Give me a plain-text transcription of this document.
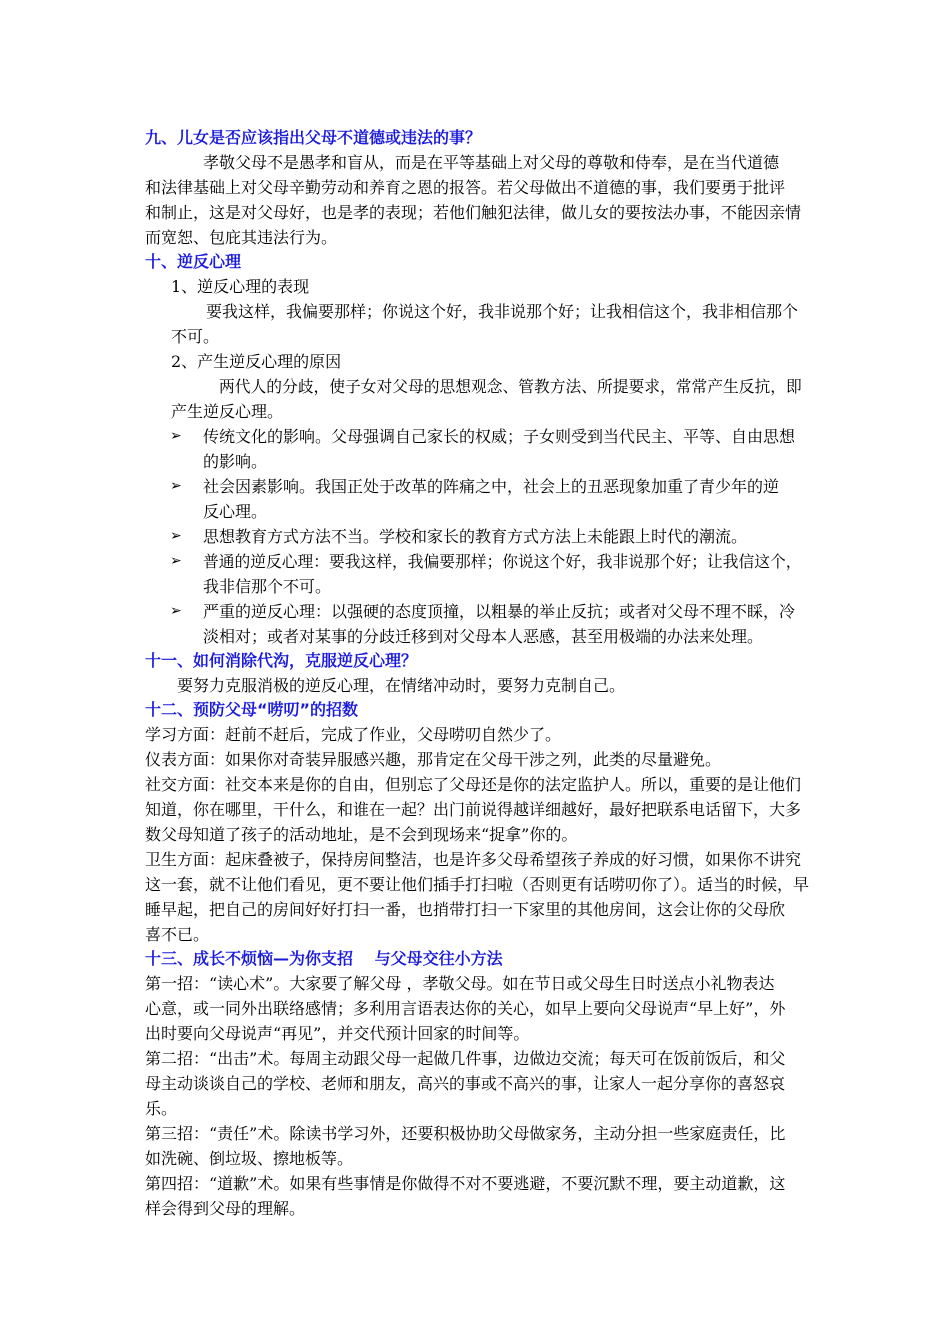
九、儿女是否应该指出父母不道德或违法的事？
孝敬父母不是愚孝和盲从，而是在平等基础上对父母的尊敬和侍奉，是在当代道德
和法律基础上对父母辛勤劳动和养育之恩的报答。若父母做出不道德的事，我们要勇于批评
和制止，这是对父母好，也是孝的表现；若他们触犯法律，做儿女的要按法办事，不能因亲情
而宽恕、包庇其违法行为。
十、逆反心理
1、逆反心理的表现
要我这样，我偏要那样；你说这个好，我非说那个好；让我相信这个，我非相信那个
不可。
2、产生逆反心理的原因
两代人的分歧，使子女对父母的思想观念、管教方法、所提要求，常常产生反抗，即
产生逆反心理。
➢	传统文化的影响。父母强调自己家长的权威；子女则受到当代民主、平等、自由思想
的影响。
➢	社会因素影响。我国正处于改革的阵痛之中，社会上的丑恶现象加重了青少年的逆
反心理。
➢	思想教育方式方法不当。学校和家长的教育方式方法上未能跟上时代的潮流。
➢	普通的逆反心理：要我这样，我偏要那样；你说这个好，我非说那个好；让我信这个，
我非信那个不可。
➢	严重的逆反心理：以强硬的态度顶撞，以粗暴的举止反抗；或者对父母不理不睬，冷
淡相对；或者对某事的分歧迁移到对父母本人恶感，甚至用极端的办法来处理。
十一、如何消除代沟，克服逆反心理？
要努力克服消极的逆反心理，在情绪冲动时，要努力克制自己。
十二、预防父母“唠叨”的招数
学习方面：赶前不赶后，完成了作业，父母唠叨自然少了。
仪表方面：如果你对奇装异服感兴趣，那肯定在父母干涉之列，此类的尽量避免。
社交方面：社交本来是你的自由，但别忘了父母还是你的法定监护人。所以，重要的是让他们
知道，你在哪里，干什么，和谁在一起？出门前说得越详细越好，最好把联系电话留下，大多
数父母知道了孩子的活动地址，是不会到现场来“捉拿”你的。
卫生方面：起床叠被子，保持房间整洁，也是许多父母希望孩子养成的好习惯，如果你不讲究
这一套，就不让他们看见，更不要让他们插手打扫啦（否则更有话唠叨你了）。适当的时候，早
睡早起，把自己的房间好好打扫一番，也捎带打扫一下家里的其他房间，这会让你的父母欣
喜不已。
十三、成长不烦恼—为你支招　 与父母交往小方法
第一招：“读心术”。大家要了解父母 ，孝敬父母。如在节日或父母生日时送点小礼物表达
心意，或一同外出联络感情；多利用言语表达你的关心，如早上要向父母说声“早上好”，外
出时要向父母说声“再见”，并交代预计回家的时间等。
第二招：“出击”术。每周主动跟父母一起做几件事，边做边交流；每天可在饭前饭后，和父
母主动谈谈自己的学校、老师和朋友，高兴的事或不高兴的事，让家人一起分享你的喜怒哀
乐。
第三招：“责任”术。除读书学习外，还要积极协助父母做家务，主动分担一些家庭责任，比
如洗碗、倒垃圾、擦地板等。
第四招：“道歉”术。如果有些事情是你做得不对不要逃避，不要沉默不理，要主动道歉，这
样会得到父母的理解。
